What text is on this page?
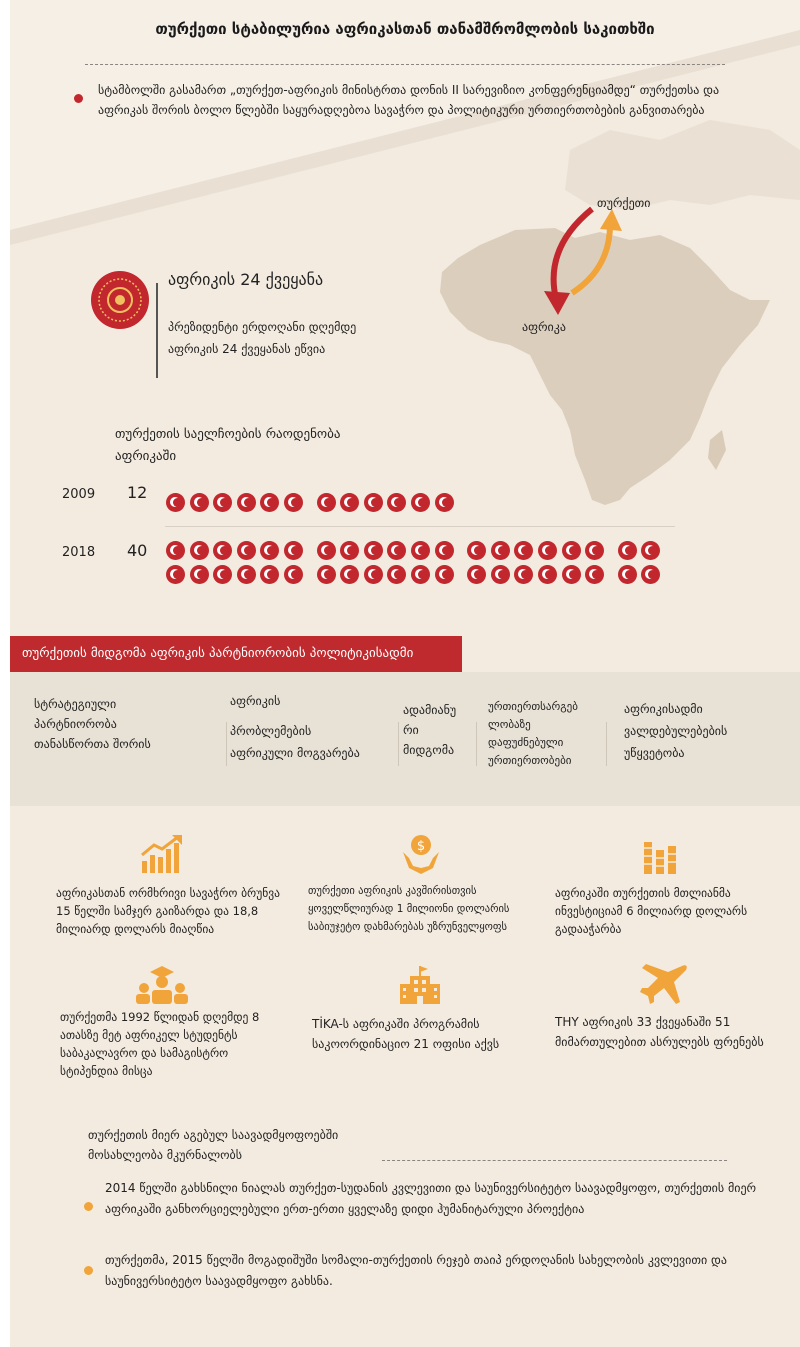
თურქეთი სტაბილურია აფრიკასთან თანამშრომლობის საკითხში
სტამბოლში გასამართ „თურქეთ-აფრიკის მინისტრთა დონის II სარევიზიო კონფერენციამდე“ თურქეთსა და აფრიკას შორის ბოლო წლებში საყურადღებოა სავაჭრო და პოლიტიკური ურთიერთობების განვითარება
თურქეთი
აფრიკა
აფრიკის 24 ქვეყანა
პრეზიდენტი ერდოღანი დღემდე
აფრიკის 24 ქვეყანას ეწვია
თურქეთის საელჩოების რაოდენობა
აფრიკაში
2009 12
2018 40
თურქეთის მიდგომა აფრიკის პარტნიორობის პოლიტიკისადმი
სტრატეგიული
პარტნიორობა
თანასწორთა შორის
აფრიკის
პრობლემების
აფრიკული მოგვარება
ადამიანუ
რი
მიდგომა
ურთიერთსარგებ
ლობაზე
დაფუძნებული
ურთიერთობები
აფრიკისადმი
ვალდებულებების
უწყვეტობა
$
აფრიკასთან ორმხრივი სავაჭრო ბრუნვა 15 წელში სამჯერ გაიზარდა და 18,8 მილიარდ დოლარს მიაღწია
თურქეთი აფრიკის კავშირისთვის ყოველწლიურად 1 მილიონი დოლარის საბიუჯეტო დახმარებას უზრუნველყოფს
აფრიკაში თურქეთის მთლიანმა ინვესტიციამ 6 მილიარდ დოლარს გადააჭარბა
თურქეთმა 1992 წლიდან დღემდე 8 ათასზე მეტ აფრიკელ სტუდენტს საბაკალავრო და სამაგისტრო სტიპენდია მისცა
TİKA-ს აფრიკაში პროგრამის საკოორდინაციო 21 ოფისი აქვს
THY აფრიკის 33 ქვეყანაში 51 მიმართულებით ასრულებს ფრენებს
თურქეთის მიერ აგებულ საავადმყოფოებში
მოსახლეობა მკურნალობს
2014 წელში გახსნილი ნიალას თურქეთ-სუდანის კვლევითი და საუნივერსიტეტო საავადმყოფო, თურქეთის მიერ აფრიკაში განხორციელებული ერთ-ერთი ყველაზე დიდი ჰუმანიტარული პროექტია
თურქეთმა, 2015 წელში მოგადიშუში სომალი-თურქეთის რეჯებ თაიპ ერდოღანის სახელობის კვლევითი და საუნივერსიტეტო საავადმყოფო გახსნა.
